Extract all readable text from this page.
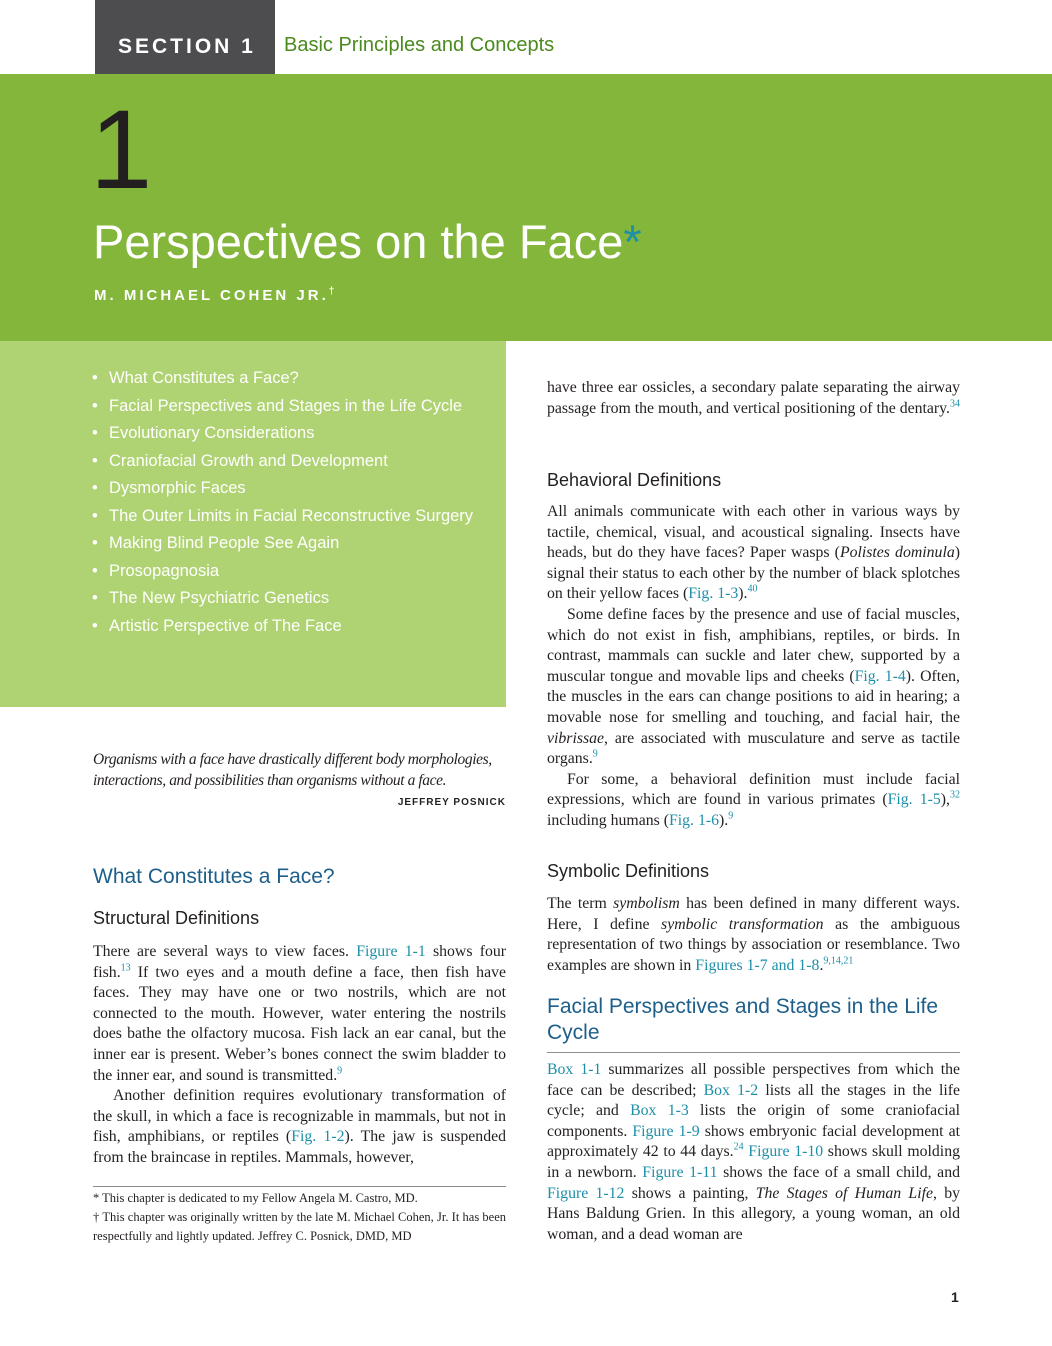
SECTION 1	Basic Principles and Concepts
1
Perspectives on the Face*
M. MICHAEL COHEN JR.†
• What Constitutes a Face?
• Facial Perspectives and Stages in the Life Cycle
• Evolutionary Considerations
• Craniofacial Growth and Development
• Dysmorphic Faces
• The Outer Limits in Facial Reconstructive Surgery
• Making Blind People See Again
• Prosopagnosia
• The New Psychiatric Genetics
• Artistic Perspective of The Face
Organisms with a face have drastically different body morphologies, interactions, and possibilities than organisms without a face.
JEFFREY POSNICK
What Constitutes a Face?
Structural Definitions

There are several ways to view faces. Figure 1-1 shows four fish.$^{13}$ If two eyes and a mouth define a face, then fish have faces. They may have one or two nostrils, which are not connected to the mouth. However, water entering the nostrils does bathe the olfactory mucosa. Fish lack an ear canal, but the inner ear is present. Weber’s bones connect the swim bladder to the inner ear, and sound is transmitted.$^9$

Another definition requires evolutionary transformation of the skull, in which a face is recognizable in mammals, but not in fish, amphibians, or reptiles (Fig. 1-2). The jaw is suspended from the braincase in reptiles. Mammals, however,

* This chapter is dedicated to my Fellow Angela M. Castro, MD.
† This chapter was originally written by the late M. Michael Cohen, Jr. It has been respectfully and lightly updated. Jeffrey C. Posnick, DMD, MD

have three ear ossicles, a secondary palate separating the airway passage from the mouth, and vertical positioning of the dentary.$^{34}$

Behavioral Definitions

All animals communicate with each other in various ways by tactile, chemical, visual, and acoustical signaling. Insects have heads, but do they have faces? Paper wasps (Polistes dominula) signal their status to each other by the number of black splotches on their yellow faces (Fig. 1-3).$^{40}$

Some define faces by the presence and use of facial muscles, which do not exist in fish, amphibians, reptiles, or birds. In contrast, mammals can suckle and later chew, supported by a muscular tongue and movable lips and cheeks (Fig. 1-4). Often, the muscles in the ears can change positions to aid in hearing; a movable nose for smelling and touching, and facial hair, the vibrissae, are associated with musculature and serve as tactile organs.$^9$

For some, a behavioral definition must include facial expressions, which are found in various primates (Fig. 1-5),$^{32}$ including humans (Fig. 1-6).$^9$

Symbolic Definitions

The term symbolism has been defined in many different ways. Here, I define symbolic transformation as the ambiguous representation of two things by association or resemblance. Two examples are shown in Figures 1-7 and 1-8.$^{9,14,21}$

Facial Perspectives and Stages in the Life Cycle

Box 1-1 summarizes all possible perspectives from which the face can be described; Box 1-2 lists all the stages in the life cycle; and Box 1-3 lists the origin of some craniofacial components. Figure 1-9 shows embryonic facial development at approximately 42 to 44 days.$^{24}$ Figure 1-10 shows skull molding in a newborn. Figure 1-11 shows the face of a small child, and Figure 1-12 shows a painting, The Stages of Human Life, by Hans Baldung Grien. In this allegory, a young woman, an old woman, and a dead woman are

1
